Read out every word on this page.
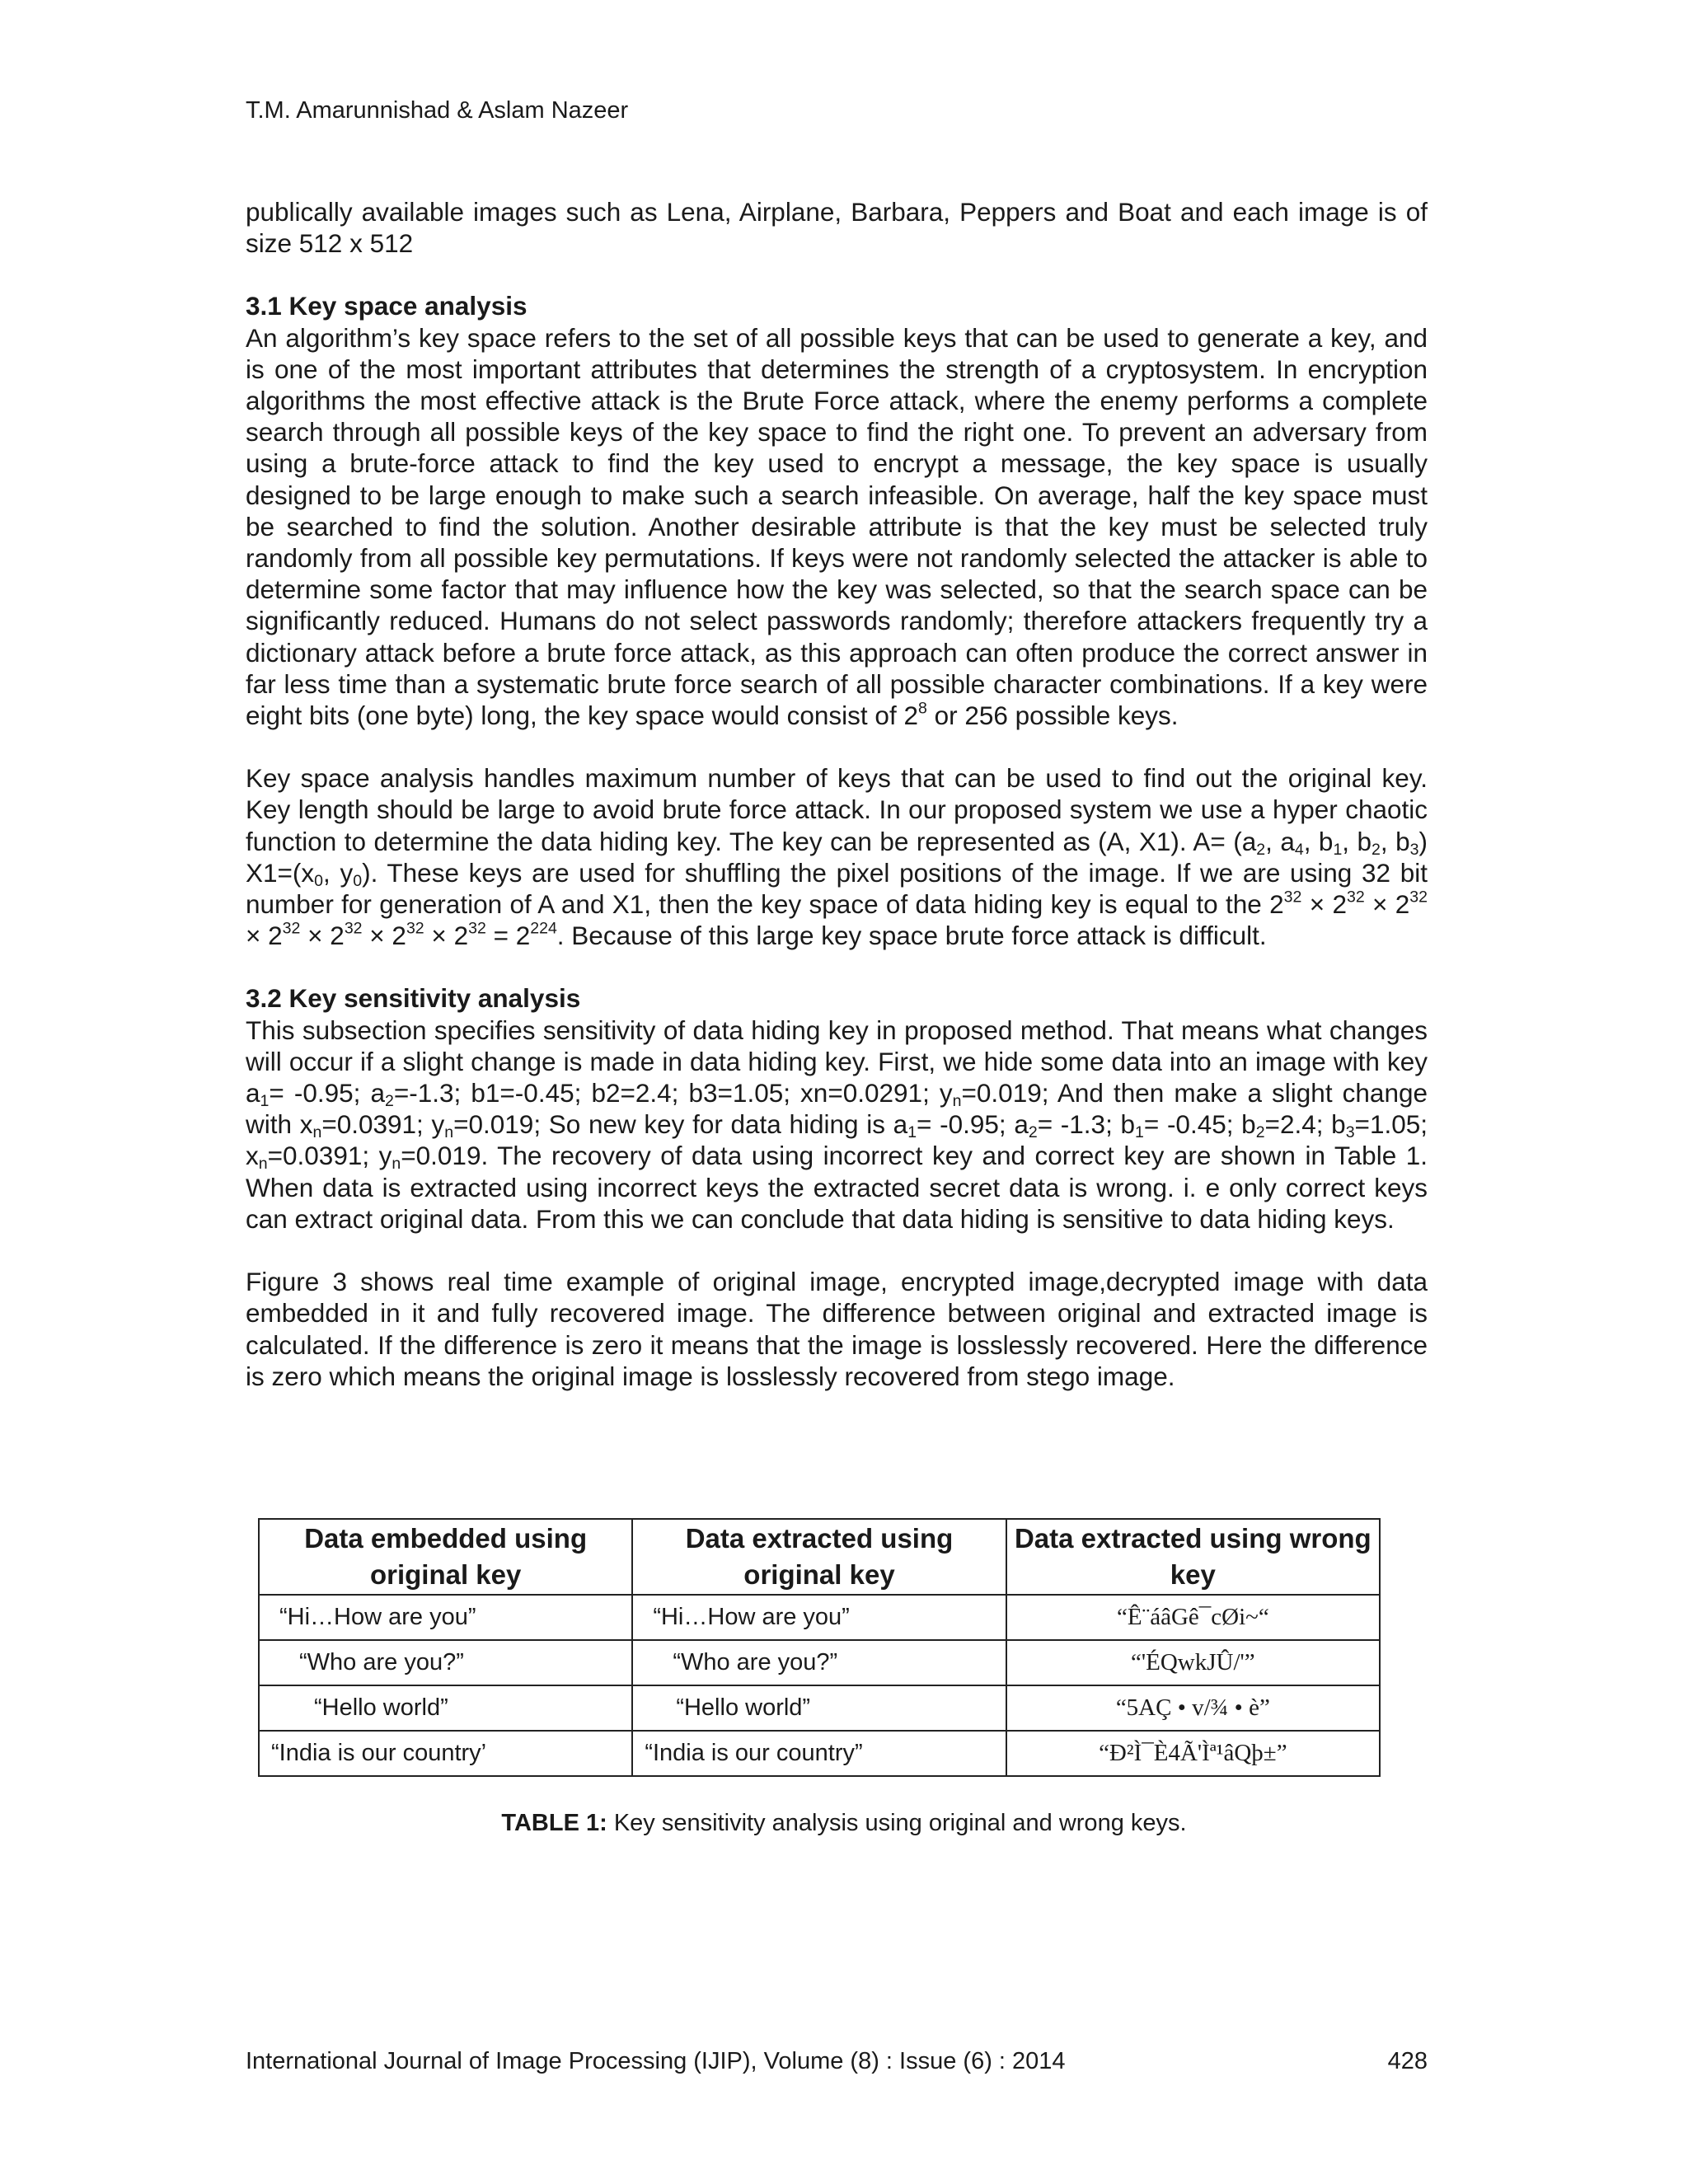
T.M. Amarunnishad & Aslam Nazeer

publically available images such as Lena, Airplane, Barbara, Peppers and Boat and each image is of size 512 x 512

3.1 Key space analysis

An algorithm’s key space refers to the set of all possible keys that can be used to generate a key, and is one of the most important attributes that determines the strength of a cryptosystem. In encryption algorithms the most effective attack is the Brute Force attack, where the enemy performs a complete search through all possible keys of the key space to find the right one. To prevent an adversary from using a brute-force attack to find the key used to encrypt a message, the key space is usually designed to be large enough to make such a search infeasible. On average, half the key space must be searched to find the solution. Another desirable attribute is that the key must be selected truly randomly from all possible key permutations. If keys were not randomly selected the attacker is able to determine some factor that may influence how the key was selected, so that the search space can be significantly reduced. Humans do not select passwords randomly; therefore attackers frequently try a dictionary attack before a brute force attack, as this approach can often produce the correct answer in far less time than a systematic brute force search of all possible character combinations. If a key were eight bits (one byte) long, the key space would consist of $2^8$ or 256 possible keys.

Key space analysis handles maximum number of keys that can be used to find out the original key. Key length should be large to avoid brute force attack. In our proposed system we use a hyper chaotic function to determine the data hiding key. The key can be represented as (A, X1). $A= (a_2$, $a_4$, $b_1$, $b_2$, $b_3$) $X1=(x_0$, $y_0$). These keys are used for shuffling the pixel positions of the image. If we are using 32 bit number for generation of A and X1, then the key space of data hiding key is equal to the $2^{32} \times 2^{32} \times 2^{32} \times 2^{32} \times 2^{32} \times 2^{32} \times 2^{32} = 2^{224}$. Because of this large key space brute force attack is difficult.

3.2 Key sensitivity analysis

This subsection specifies sensitivity of data hiding key in proposed method. That means what changes will occur if a slight change is made in data hiding key. First, we hide some data into an image with key $a_1= -0.95$; $a_2=-1.3$; b1=-0.45; b2=2.4; b3=1.05; xn=0.0291; $y_n=0.019$; And then make a slight change with $x_n=0.0391$; $y_n=0.019$; So new key for data hiding is $a_1= -0.95$; $a_2= -1.3$; $b_1= -0.45$; $b_2=2.4$; $b_3=1.05$; $x_n=0.0391$; $y_n=0.019$. The recovery of data using incorrect key and correct key are shown in Table 1. When data is extracted using incorrect keys the extracted secret data is wrong. i. e only correct keys can extract original data. From this we can conclude that data hiding is sensitive to data hiding keys.

Figure 3 shows real time example of original image, encrypted image,decrypted image with data embedded in it and fully recovered image. The difference between original and extracted image is calculated. If the difference is zero it means that the image is losslessly recovered. Here the difference is zero which means the original image is losslessly recovered from stego image.

Data embedded using original key	Data extracted using original key	Data extracted using wrong key
“Hi…How are you”	“Hi…How are you”	“Ê¨áâGê¯cØi~“
“Who are you?”	“Who are you?”	“'ÉQwkJÛ/'”
“Hello world”	“Hello world”	“5AÇ • v/¾ • è”
“India is our country’	“India is our country”	“Ð²Ì¯È4Ã'Ìª¹âQþ±”
TABLE 1: Key sensitivity analysis using original and wrong keys.
International Journal of Image Processing (IJIP), Volume (8) : Issue (6) : 2014	428
